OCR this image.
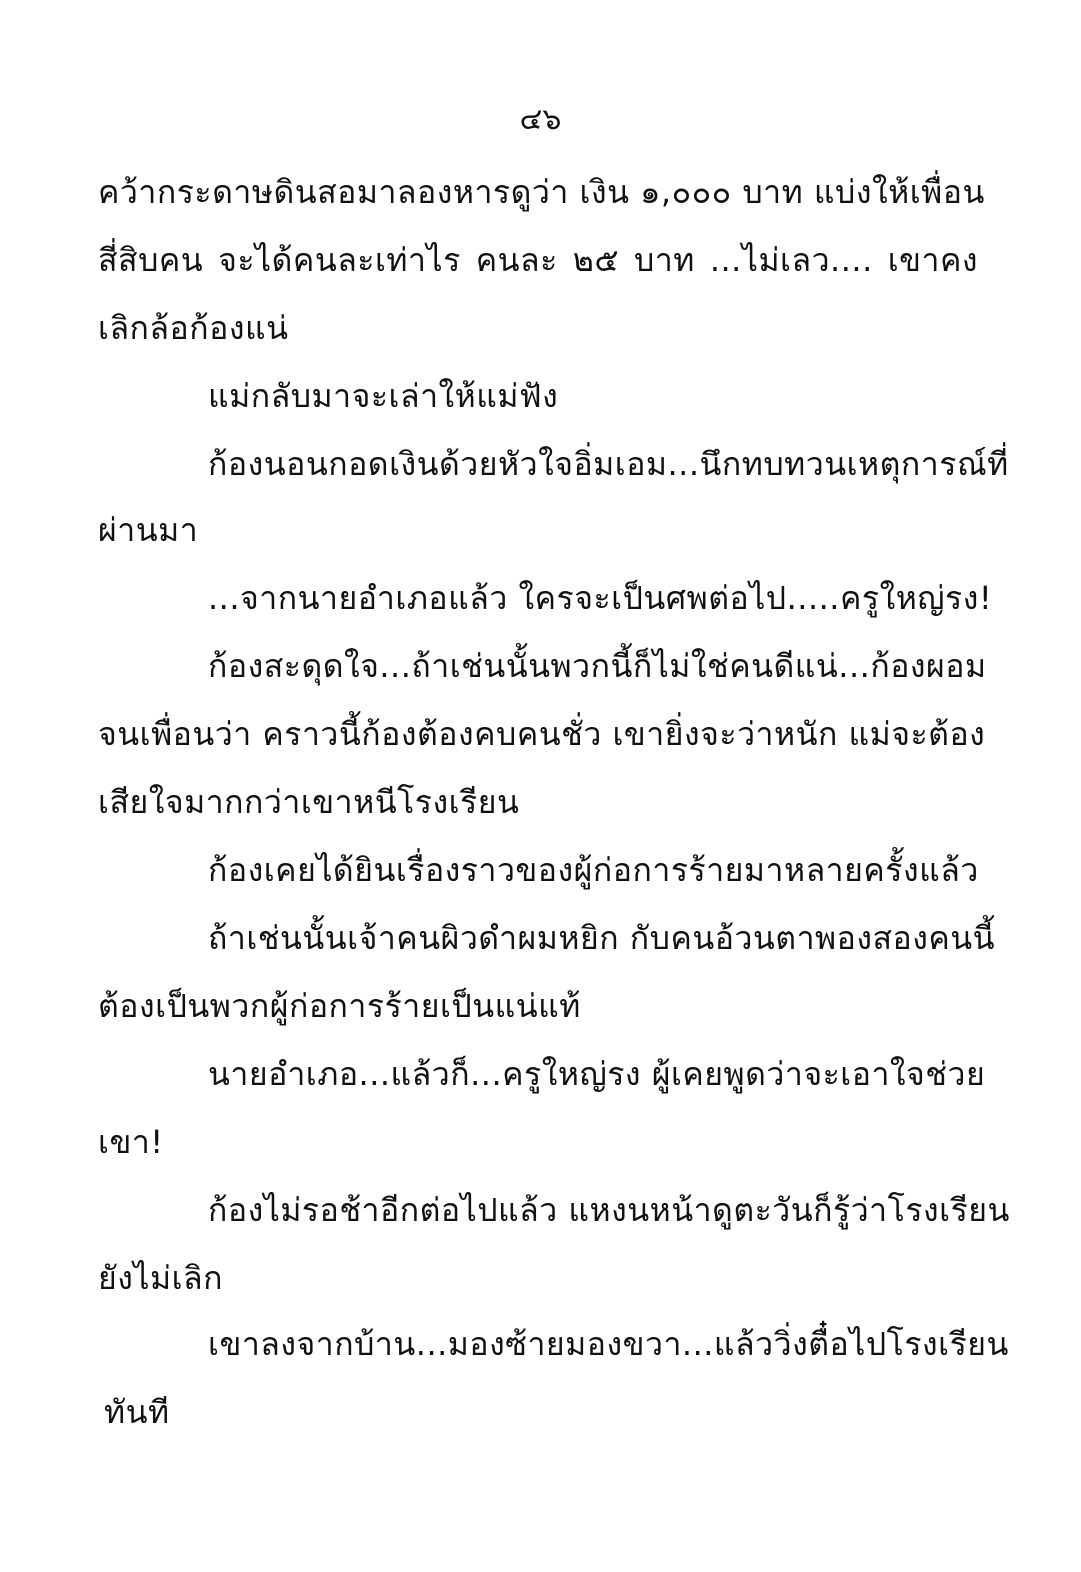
๔๖
คว้ากระดาษดินสอมาลองหารดูว่า เงิน ๑,๐๐๐ บาท แบ่งให้เพื่อน
สี่สิบคน จะได้คนละเท่าไร คนละ ๒๕ บาท ...ไม่เลว.... เขาคง
เลิกล้อก้องแน่
แม่กลับมาจะเล่าให้แม่ฟัง
ก้องนอนกอดเงินด้วยหัวใจอิ่มเอม...นึกทบทวนเหตุการณ์ที่
ผ่านมา
...จากนายอำเภอแล้ว ใครจะเป็นศพต่อไป.....ครูใหญ่รง!
ก้องสะดุดใจ...ถ้าเช่นนั้นพวกนี้ก็ไม่ใช่คนดีแน่...ก้องผอม
จนเพื่อนว่า คราวนี้ก้องต้องคบคนชั่ว เขายิ่งจะว่าหนัก แม่จะต้อง
เสียใจมากกว่าเขาหนีโรงเรียน
ก้องเคยได้ยินเรื่องราวของผู้ก่อการร้ายมาหลายครั้งแล้ว
ถ้าเช่นนั้นเจ้าคนผิวดำผมหยิก กับคนอ้วนตาพองสองคนนี้
ต้องเป็นพวกผู้ก่อการร้ายเป็นแน่แท้
นายอำเภอ...แล้วก็...ครูใหญ่รง ผู้เคยพูดว่าจะเอาใจช่วย
เขา!
ก้องไม่รอช้าอีกต่อไปแล้ว แหงนหน้าดูตะวันก็รู้ว่าโรงเรียน
ยังไม่เลิก
เขาลงจากบ้าน...มองซ้ายมองขวา...แล้ววิ่งตื๋อไปโรงเรียน
ทันที
